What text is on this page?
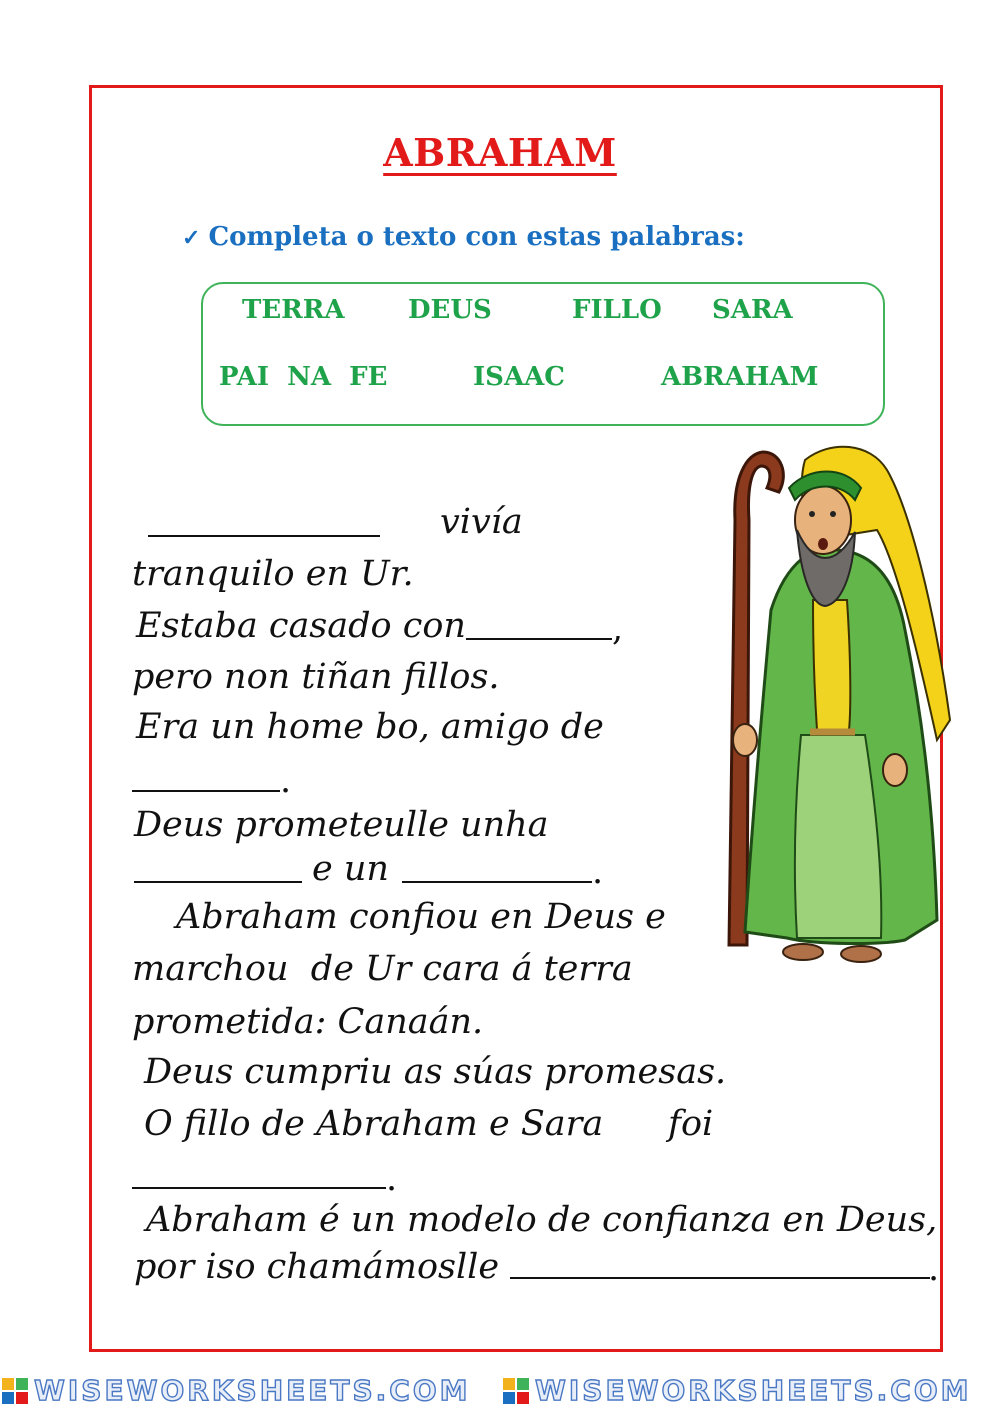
ABRAHAM
✓ Completa o texto con estas palabras:
TERRA DEUS	FILLO SARA
PAI  NA  FE	ISAAC	ABRAHAM
vivía
tranquilo en Ur.
Estaba casado con	,
pero non tiñan fillos.
Era un home bo, amigo de
.
Deus prometeulle unha
e un	.
Abraham confiou en Deus e
marchou  de Ur cara á terra
prometida: Canaán.
Deus cumpriu as súas promesas.
O fillo de Abraham e Sara foi
.
Abraham é un modelo de confianza en Deus,
por iso chamámoslle	.
WISEWORKSHEETS.COM WISEWORKSHEETS.COM
